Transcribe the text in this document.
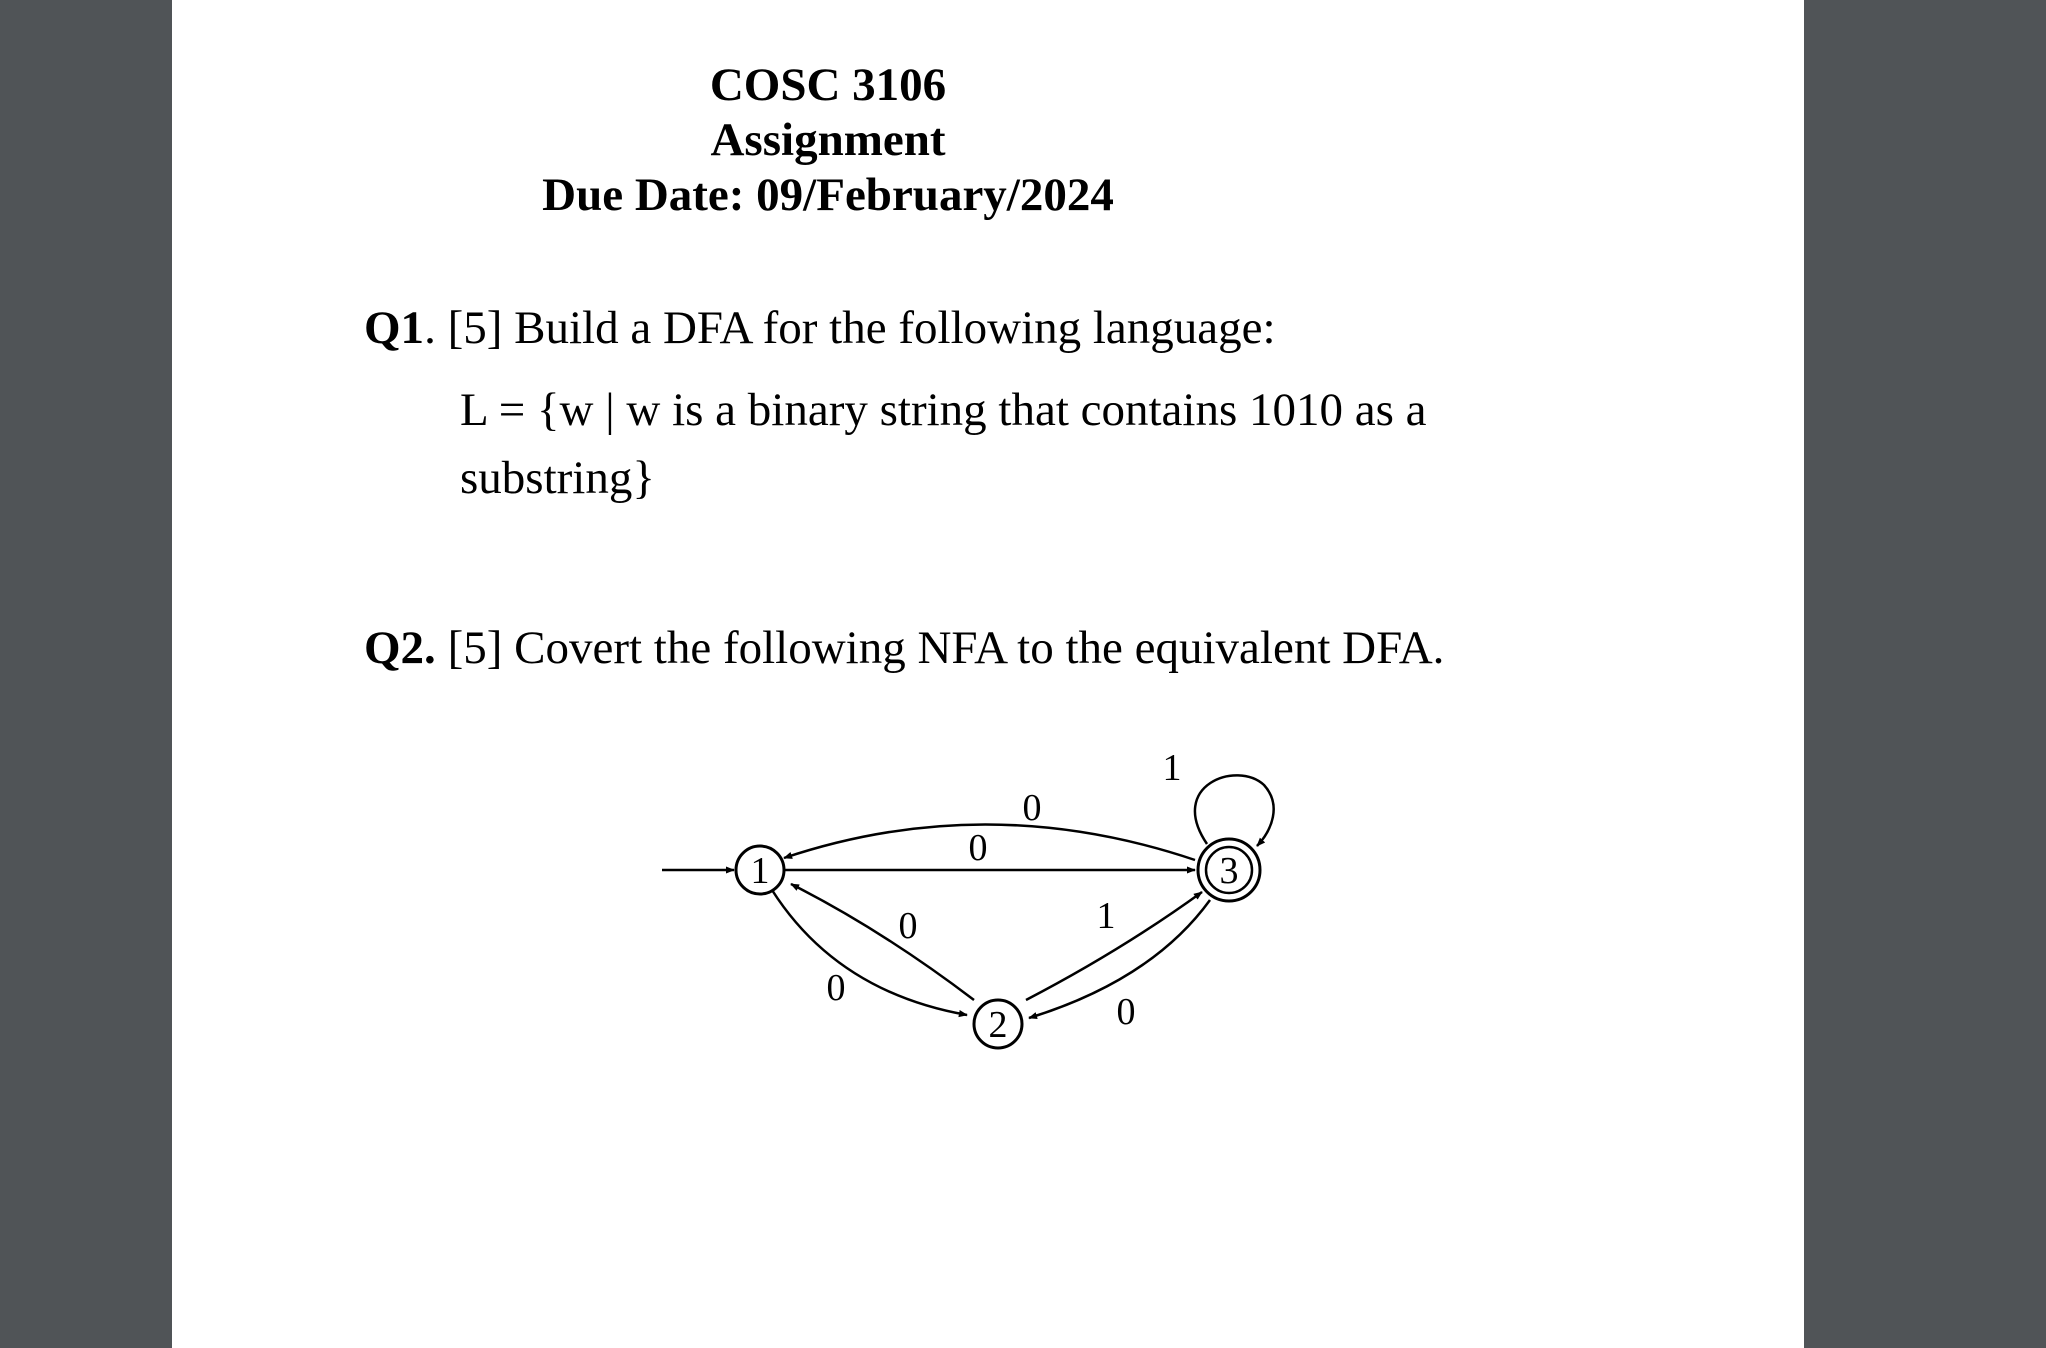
COSC 3106
Assignment
Due Date: 09/February/2024
Q1. [5] Build a DFA for the following language:
L = {w | w is a binary string that contains 1010 as a
substring}
Q2. [5] Covert the following NFA to the equivalent DFA.
1
2
3
0
0
0
0
1
0
1
